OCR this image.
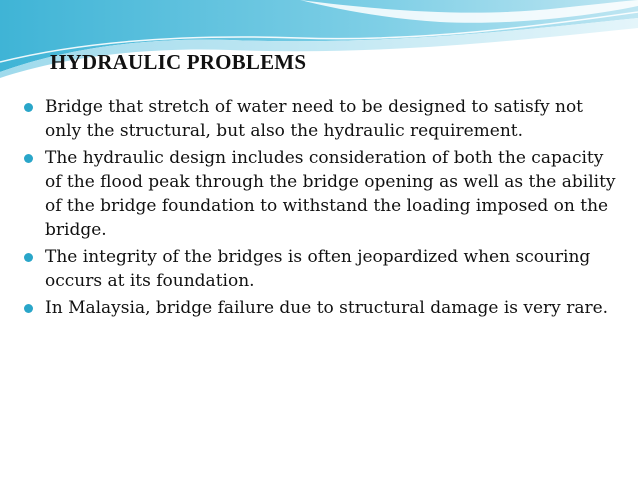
HYDRAULIC PROBLEMS
Bridge that stretch of water need to be designed to satisfy not only the structural, but also the hydraulic requirement.
The hydraulic design includes consideration of both the capacity of the flood peak through the bridge opening as well as the ability of the bridge foundation to withstand the loading imposed on the bridge.
The integrity of the bridges is often jeopardized when scouring occurs at its foundation.
In Malaysia, bridge failure due to structural damage is very rare.
